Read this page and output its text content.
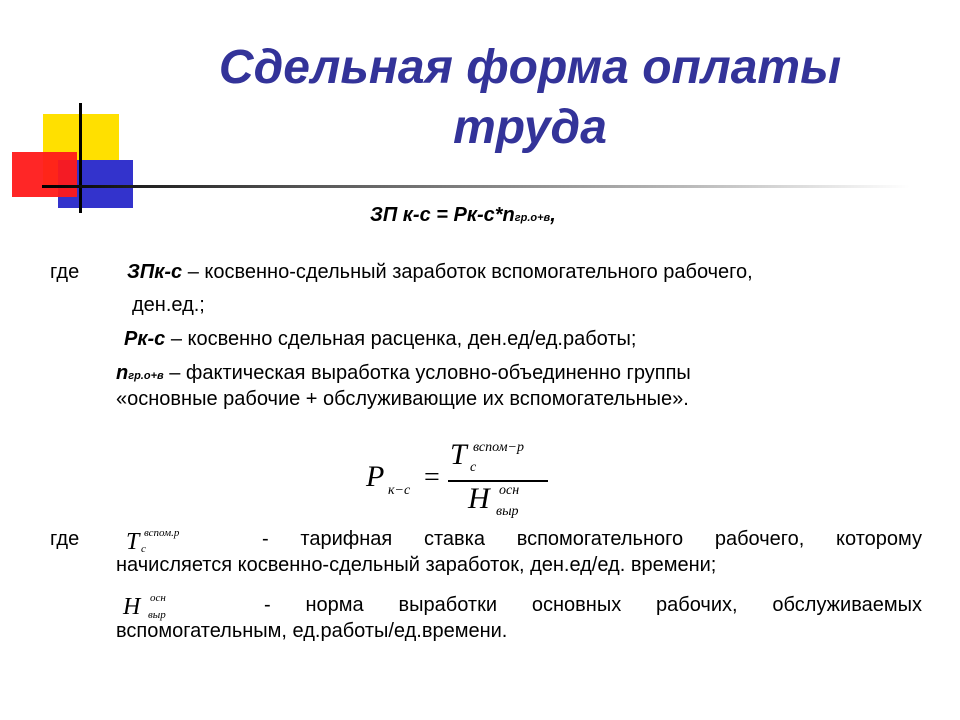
Сдельная форма оплаты
труда
ЗП к-с = Рк-с*nгр.о+в,
где ЗПк-с – косвенно-сдельный заработок вспомогательного рабочего,
ден.ед.;
Рк-с – косвенно сдельная расценка, ден.ед/ед.работы;
nгр.о+в – фактическая выработка условно-объединенно группы
«основные рабочие + обслуживающие их вспомогательные».
P к−с =
T вспом−р
с
H осн
выр
где T вспом.р
с	- тарифная ставка вспомогательного рабочего, которому
начисляется косвенно-сдельный заработок, ден.ед/ед. времени;
H осн
выр	- норма выработки основных рабочих, обслуживаемых
вспомогательным, ед.работы/ед.времени.
